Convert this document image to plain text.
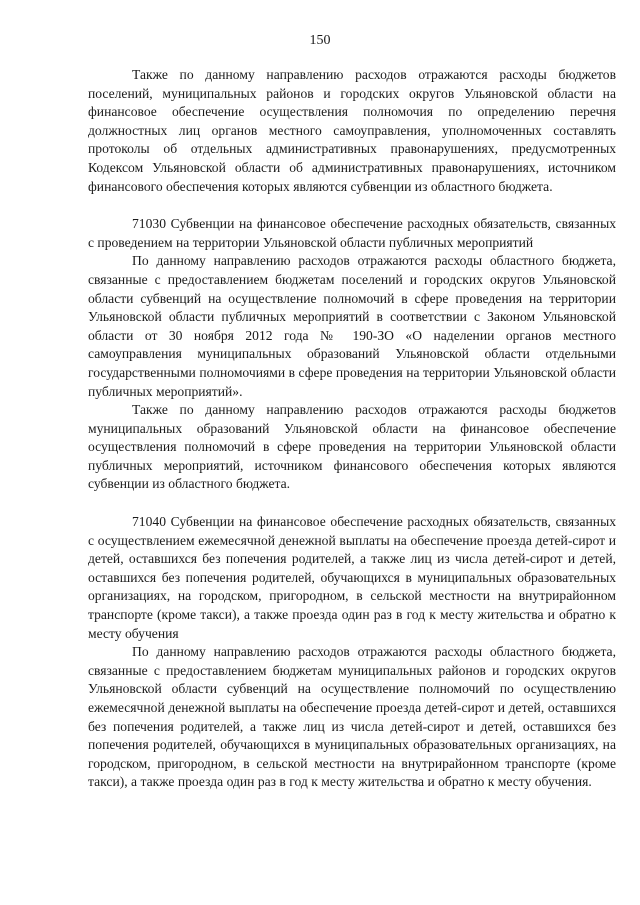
150

Также по данному направлению расходов отражаются расходы бюджетов поселений, муниципальных районов и городских округов Ульяновской области на финансовое обеспечение осуществления полномочия по определению перечня должностных лиц органов местного самоуправления, уполномоченных составлять протоколы об отдельных административных правонарушениях, предусмотренных Кодексом Ульяновской области об административных правонарушениях, источником финансового обеспечения которых являются субвенции из областного бюджета.

71030 Субвенции на финансовое обеспечение расходных обязательств, связанных с проведением на территории Ульяновской области публичных мероприятий

По данному направлению расходов отражаются расходы областного бюджета, связанные с предоставлением бюджетам поселений и городских округов Ульяновской области субвенций на осуществление полномочий в сфере проведения на территории Ульяновской области публичных мероприятий в соответствии с Законом Ульяновской области от 30 ноября 2012 года № 190-ЗО «О наделении органов местного самоуправления муниципальных образований Ульяновской области отдельными государственными полномочиями в сфере проведения на территории Ульяновской области публичных мероприятий».

Также по данному направлению расходов отражаются расходы бюджетов муниципальных образований Ульяновской области на финансовое обеспечение осуществления полномочий в сфере проведения на территории Ульяновской области публичных мероприятий, источником финансового обеспечения которых являются субвенции из областного бюджета.

71040 Субвенции на финансовое обеспечение расходных обязательств, связанных с осуществлением ежемесячной денежной выплаты на обеспечение проезда детей-сирот и детей, оставшихся без попечения родителей, а также лиц из числа детей-сирот и детей, оставшихся без попечения родителей, обучающихся в муниципальных образовательных организациях, на городском, пригородном, в сельской местности на внутрирайонном транспорте (кроме такси), а также проезда один раз в год к месту жительства и обратно к месту обучения

По данному направлению расходов отражаются расходы областного бюджета, связанные с предоставлением бюджетам муниципальных районов и городских округов Ульяновской области субвенций на осуществление полномочий по осуществлению ежемесячной денежной выплаты на обеспечение проезда детей-сирот и детей, оставшихся без попечения родителей, а также лиц из числа детей-сирот и детей, оставшихся без попечения родителей, обучающихся в муниципальных образовательных организациях, на городском, пригородном, в сельской местности на внутрирайонном транспорте (кроме такси), а также проезда один раз в год к месту жительства и обратно к месту обучения.
